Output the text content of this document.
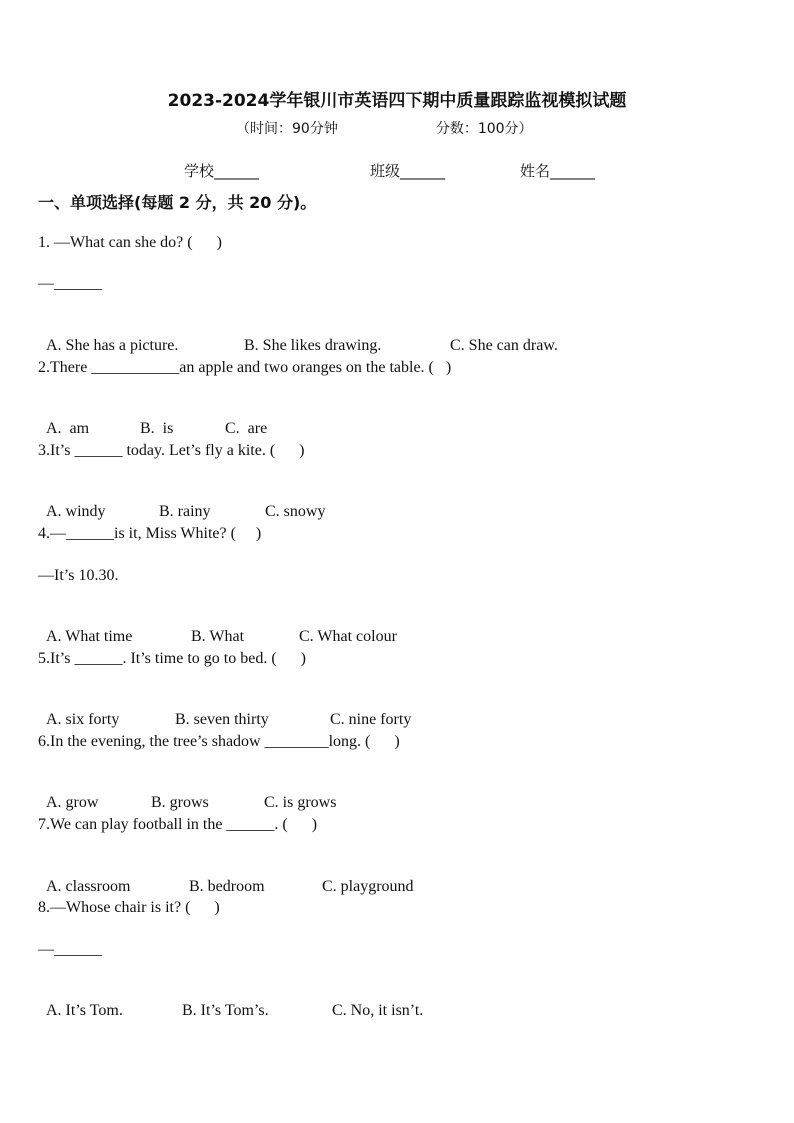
2023-2024学年银川市英语四下期中质量跟踪监视模拟试题
（时间：90分钟	分数：100分）
学校______	班级______	姓名______
一、单项选择(每题 2 分，共 20 分)。
1. —What can she do? (      )
—______

A. She has a picture.	B. She likes drawing.	C. She can draw.

2.There ___________an apple and two oranges on the table. (   )

A.  am	B.  is	C.  are

3.It’s ______ today. Let’s fly a kite. (      )

A. windy	B. rainy	C. snowy

4.—______is it, Miss White? (     )
—It’s 10.30.

A. What time	B. What	C. What colour

5.It’s ______. It’s time to go to bed. (      )

A. six forty	B. seven thirty	C. nine forty

6.In the evening, the tree’s shadow ________long. (      )

A. grow	B. grows	C. is grows

7.We can play football in the ______. (      )

A. classroom	B. bedroom	C. playground

8.—Whose chair is it? (      )
—______

A. It’s Tom.	B. It’s Tom’s.	C. No, it isn’t.
